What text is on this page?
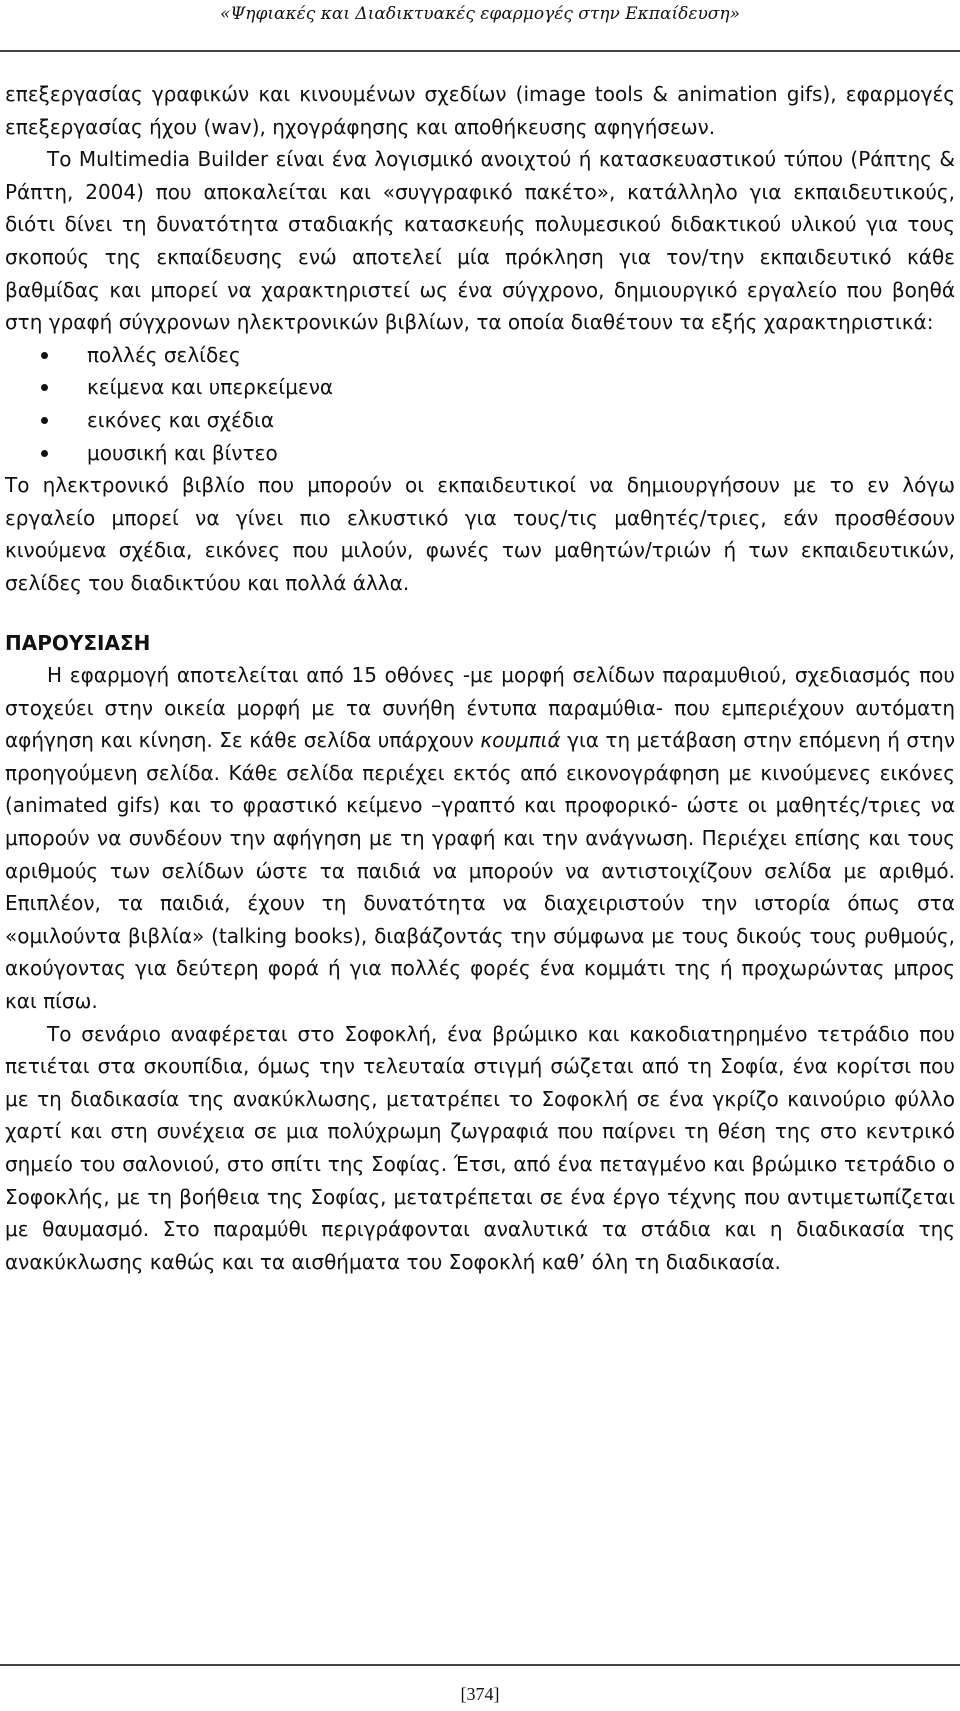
«Ψηφιακές και Διαδικτυακές εφαρμογές στην Εκπαίδευση»

επεξεργασίας γραφικών και κινουμένων σχεδίων (image tools & animation gifs), εφαρμογές επεξεργασίας ήχου (wav), ηχογράφησης και αποθήκευσης αφηγήσεων.

Το Multimedia Builder είναι ένα λογισμικό ανοιχτού ή κατασκευαστικού τύπου (Ράπτης & Ράπτη, 2004) που αποκαλείται και «συγγραφικό πακέτο», κατάλληλο για εκπαιδευτικούς, διότι δίνει τη δυνατότητα σταδιακής κατασκευής πολυμεσικού διδακτικού υλικού για τους σκοπούς της εκπαίδευσης ενώ αποτελεί μία πρόκληση για τον/την εκπαιδευτικό κάθε βαθμίδας και μπορεί να χαρακτηριστεί ως ένα σύγχρονο, δημιουργικό εργαλείο που βοηθά στη γραφή σύγχρονων ηλεκτρονικών βιβλίων, τα οποία διαθέτουν τα εξής χαρακτηριστικά:

πολλές σελίδες
κείμενα και υπερκείμενα
εικόνες και σχέδια
μουσική και βίντεο

Το ηλεκτρονικό βιβλίο που μπορούν οι εκπαιδευτικοί να δημιουργήσουν με το εν λόγω εργαλείο μπορεί να γίνει πιο ελκυστικό για τους/τις μαθητές/τριες, εάν προσθέσουν κινούμενα σχέδια, εικόνες που μιλούν, φωνές των μαθητών/τριών ή των εκπαιδευτικών, σελίδες του διαδικτύου και πολλά άλλα.

ΠΑΡΟΥΣΙΑΣΗ

Η εφαρμογή αποτελείται από 15 οθόνες -με μορφή σελίδων παραμυθιού, σχεδιασμός που στοχεύει στην οικεία μορφή με τα συνήθη έντυπα παραμύθια- που εμπεριέχουν αυτόματη αφήγηση και κίνηση. Σε κάθε σελίδα υπάρχουν κουμπιά για τη μετάβαση στην επόμενη ή στην προηγούμενη σελίδα. Κάθε σελίδα περιέχει εκτός από εικονογράφηση με κινούμενες εικόνες (animated gifs) και το φραστικό κείμενο –γραπτό και προφορικό- ώστε οι μαθητές/τριες να μπορούν να συνδέουν την αφήγηση με τη γραφή και την ανάγνωση. Περιέχει επίσης και τους αριθμούς των σελίδων ώστε τα παιδιά να μπορούν να αντιστοιχίζουν σελίδα με αριθμό. Επιπλέον, τα παιδιά, έχουν τη δυνατότητα να διαχειριστούν την ιστορία όπως στα «ομιλούντα βιβλία» (talking books), διαβάζοντάς την σύμφωνα με τους δικούς τους ρυθμούς, ακούγοντας για δεύτερη φορά ή για πολλές φορές ένα κομμάτι της ή προχωρώντας μπρος και πίσω.

Το σενάριο αναφέρεται στο Σοφοκλή, ένα βρώμικο και κακοδιατηρημένο τετράδιο που πετιέται στα σκουπίδια, όμως την τελευταία στιγμή σώζεται από τη Σοφία, ένα κορίτσι που με τη διαδικασία της ανακύκλωσης, μετατρέπει το Σοφοκλή σε ένα γκρίζο καινούριο φύλλο χαρτί και στη συνέχεια σε μια πολύχρωμη ζωγραφιά που παίρνει τη θέση της στο κεντρικό σημείο του σαλονιού, στο σπίτι της Σοφίας. Έτσι, από ένα πεταγμένο και βρώμικο τετράδιο ο Σοφοκλής, με τη βοήθεια της Σοφίας, μετατρέπεται σε ένα έργο τέχνης που αντιμετωπίζεται με θαυμασμό. Στο παραμύθι περιγράφονται αναλυτικά τα στάδια και η διαδικασία της ανακύκλωσης καθώς και τα αισθήματα του Σοφοκλή καθ’ όλη τη διαδικασία.

[374]
